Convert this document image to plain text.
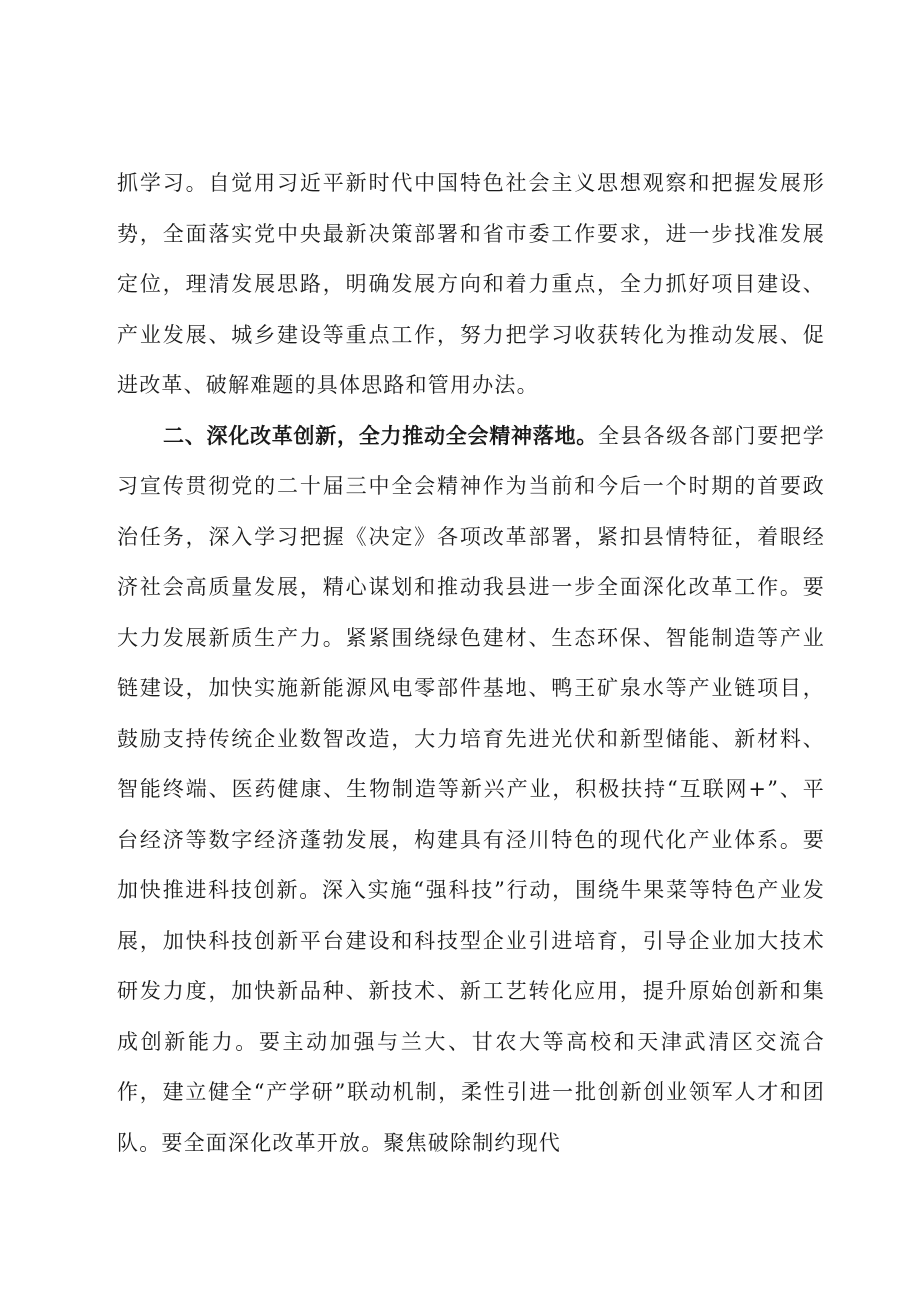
抓学习。自觉用习近平新时代中国特色社会主义思想观察和把握发展形势，全面落实党中央最新决策部署和省市委工作要求，进一步找准发展定位，理清发展思路，明确发展方向和着力重点，全力抓好项目建设、产业发展、城乡建设等重点工作，努力把学习收获转化为推动发展、促进改革、破解难题的具体思路和管用办法。

二、深化改革创新，全力推动全会精神落地。全县各级各部门要把学习宣传贯彻党的二十届三中全会精神作为当前和今后一个时期的首要政治任务，深入学习把握《决定》各项改革部署，紧扣县情特征，着眼经济社会高质量发展，精心谋划和推动我县进一步全面深化改革工作。要大力发展新质生产力。紧紧围绕绿色建材、生态环保、智能制造等产业链建设，加快实施新能源风电零部件基地、鸭王矿泉水等产业链项目，鼓励支持传统企业数智改造，大力培育先进光伏和新型储能、新材料、智能终端、医药健康、生物制造等新兴产业，积极扶持“互联网+”、平台经济等数字经济蓬勃发展，构建具有泾川特色的现代化产业体系。要加快推进科技创新。深入实施“强科技”行动，围绕牛果菜等特色产业发展，加快科技创新平台建设和科技型企业引进培育，引导企业加大技术研发力度，加快新品种、新技术、新工艺转化应用，提升原始创新和集成创新能力。要主动加强与兰大、甘农大等高校和天津武清区交流合作，建立健全“产学研”联动机制，柔性引进一批创新创业领军人才和团队。要全面深化改革开放。聚焦破除制约现代
